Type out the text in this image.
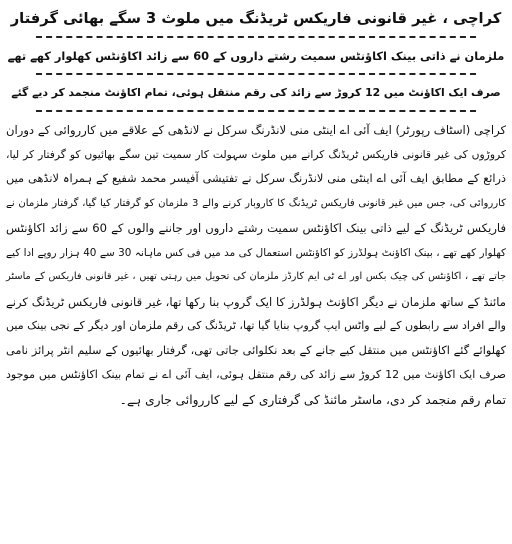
کراچی ، غیر قانونی فاریکس ٹریڈنگ میں ملوث 3 سگے بھائی گرفتار

ملزمان نے ذاتی بینک اکاؤنٹس سمیت رشتے داروں کے 60 سے زائد اکاؤنٹس کھلوار کھے تھے

صرف ایک اکاؤنٹ میں 12 کروڑ سے زائد کی رقم منتقل ہوئی، تمام اکاؤنٹ منجمد کر دیے گئے

کراچی (اسٹاف رپورٹر) ایف آئی اے اینٹی منی لانڈرنگ سرکل نے لانڈھی کے علاقے میں کارروائی کے دوران

کروڑوں کی غیر قانونی فاریکس ٹریڈنگ کرانے میں ملوث سہولت کار سمیت تین سگے بھائیوں کو گرفتار کر لیا،

ذرائع کے مطابق ایف آئی اے اینٹی منی لانڈرنگ سرکل نے تفتیشی آفیسر محمد شفیع کے ہمراہ لانڈھی میں

کارروائی کی، جس میں غیر قانونی فاریکس ٹریڈنگ کا کاروبار کرنے والے 3 ملزمان کو گرفتار کیا گیا، گرفتار ملزمان نے

فاریکس ٹریڈنگ کے لیے ذاتی بینک اکاؤنٹس سمیت رشتے داروں اور جاننے والوں کے 60 سے زائد اکاؤنٹس

کھلوار کھے تھے ، بینک اکاؤنٹ ہولڈرز کو اکاؤنٹس استعمال کی مد میں فی کس ماہانہ 30 سے 40 ہزار روپے ادا کیے

جاتے تھے ، اکاؤنٹس کی چیک بکس اور اے ٹی ایم کارڈز ملزمان کی تحویل میں رہتی تھیں ، غیر قانونی فاریکس کے ماسٹر

مائنڈ کے ساتھ ملزمان نے دیگر اکاؤنٹ ہولڈرز کا ایک گروپ بنا رکھا تھا، غیر قانونی فاریکس ٹریڈنگ کرنے

والے افراد سے رابطوں کے لیے واٹس ایپ گروپ بنایا گیا تھا، ٹریڈنگ کی رقم ملزمان اور دیگر کے نجی بینک میں

کھلوائے گئے اکاؤنٹس میں منتقل کیے جانے کے بعد نکلوائی جاتی تھی، گرفتار بھائیوں کے سلیم انٹر پرائز نامی

صرف ایک اکاؤنٹ میں 12 کروڑ سے زائد کی رقم منتقل ہوئی، ایف آئی اے نے تمام بینک اکاؤنٹس میں موجود

تمام رقم منجمد کر دی، ماسٹر مائنڈ کی گرفتاری کے لیے کارروائی جاری ہے۔
